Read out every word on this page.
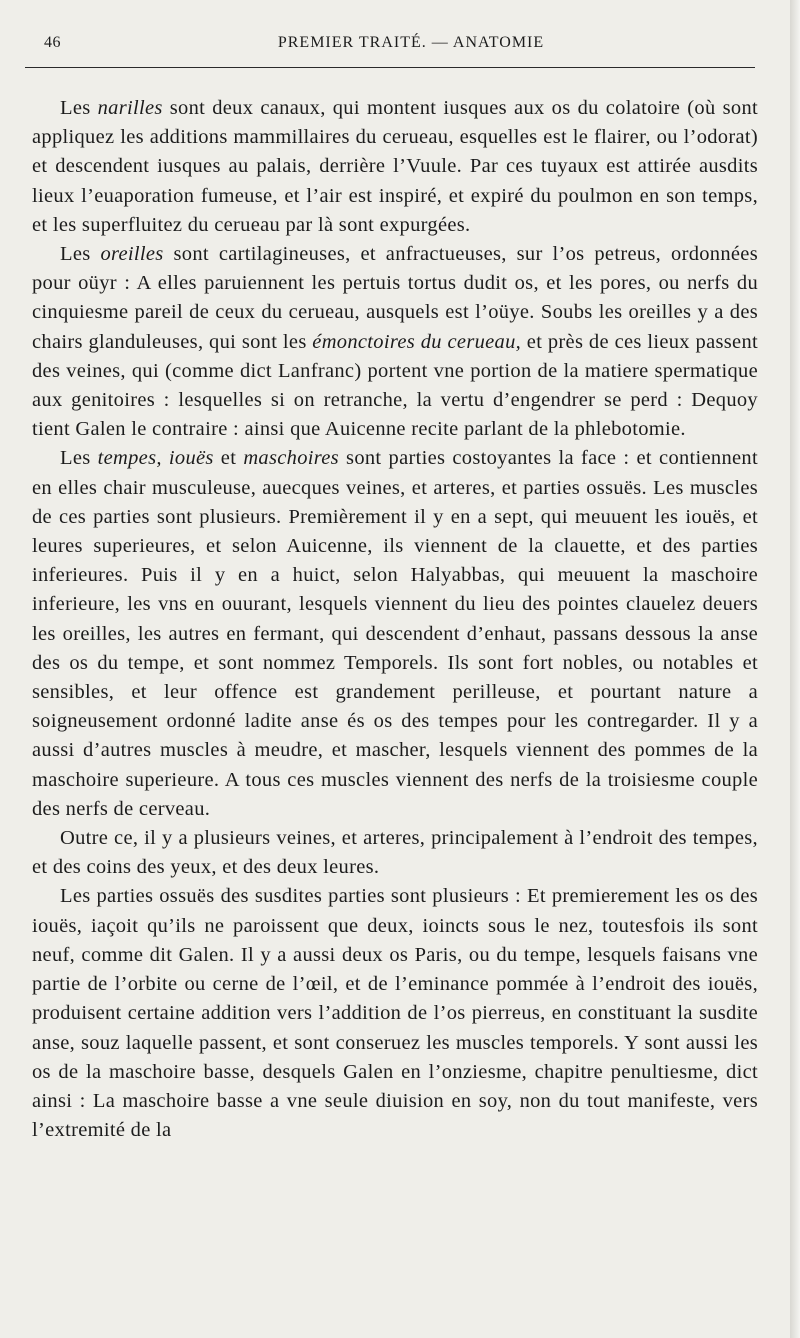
46	PREMIER TRAITÉ. — ANATOMIE

Les narilles sont deux canaux, qui montent iusques aux os du colatoire (où sont appliquez les additions mammillaires du cerueau, esquelles est le flairer, ou l’odorat) et descendent iusques au palais, derrière l’Vuule. Par ces tuyaux est attirée ausdits lieux l’euaporation fumeuse, et l’air est inspiré, et expiré du poulmon en son temps, et les superfluitez du cerueau par là sont expurgées.

Les oreilles sont cartilagineuses, et anfractueuses, sur l’os petreus, ordonnées pour oüyr : A elles paruiennent les pertuis tortus dudit os, et les pores, ou nerfs du cinquiesme pareil de ceux du cerueau, ausquels est l’oüye. Soubs les oreilles y a des chairs glanduleuses, qui sont les émonctoires du cerueau, et près de ces lieux passent des veines, qui (comme dict Lanfranc) portent vne portion de la matiere spermatique aux genitoires : lesquelles si on retranche, la vertu d’engendrer se perd : Dequoy tient Galen le contraire : ainsi que Auicenne recite parlant de la phlebotomie.

Les tempes, iouës et maschoires sont parties costoyantes la face : et contiennent en elles chair musculeuse, auecques veines, et arteres, et parties ossuës. Les muscles de ces parties sont plusieurs. Premièrement il y en a sept, qui meuuent les iouës, et leures superieures, et selon Auicenne, ils viennent de la clauette, et des parties inferieures. Puis il y en a huict, selon Halyabbas, qui meuuent la maschoire inferieure, les vns en ouurant, lesquels viennent du lieu des pointes clauelez deuers les oreilles, les autres en fermant, qui descendent d’enhaut, passans dessous la anse des os du tempe, et sont nommez Temporels. Ils sont fort nobles, ou notables et sensibles, et leur offence est grandement perilleuse, et pourtant nature a soigneusement ordonné ladite anse és os des tempes pour les contregarder. Il y a aussi d’autres muscles à meudre, et mascher, lesquels viennent des pommes de la maschoire superieure. A tous ces muscles viennent des nerfs de la troisiesme couple des nerfs de cerveau.

Outre ce, il y a plusieurs veines, et arteres, principalement à l’endroit des tempes, et des coins des yeux, et des deux leures.

Les parties ossuës des susdites parties sont plusieurs : Et premierement les os des iouës, iaçoit qu’ils ne paroissent que deux, ioincts sous le nez, toutesfois ils sont neuf, comme dit Galen. Il y a aussi deux os Paris, ou du tempe, lesquels faisans vne partie de l’orbite ou cerne de l’œil, et de l’eminance pommée à l’endroit des iouës, produisent certaine addition vers l’addition de l’os pierreus, en constituant la susdite anse, souz laquelle passent, et sont conseruez les muscles temporels. Y sont aussi les os de la maschoire basse, desquels Galen en l’onziesme, chapitre penultiesme, dict ainsi : La maschoire basse a vne seule diuision en soy, non du tout manifeste, vers l’extremité de la
